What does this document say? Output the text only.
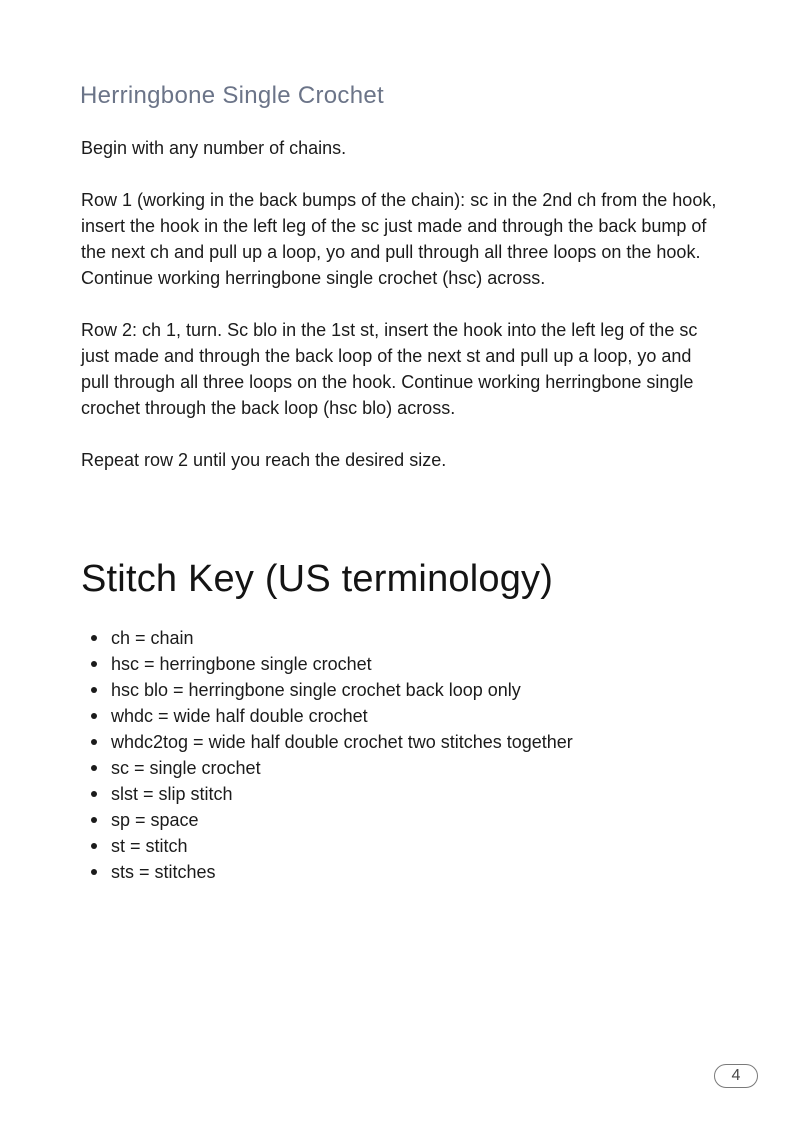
Herringbone Single Crochet

Begin with any number of chains.

Row 1 (working in the back bumps of the chain): sc in the 2nd ch from the hook, insert the hook in the left leg of the sc just made and through the back bump of the next ch and pull up a loop, yo and pull through all three loops on the hook. Continue working herringbone single crochet (hsc) across.

Row 2: ch 1, turn. Sc blo in the 1st st, insert the hook into the left leg of the sc just made and through the back loop of the next st and pull up a loop, yo and pull through all three loops on the hook. Continue working herringbone single crochet through the back loop (hsc blo) across.

Repeat row 2 until you reach the desired size.

Stitch Key (US terminology)
ch = chain
hsc = herringbone single crochet
hsc blo = herringbone single crochet back loop only
whdc = wide half double crochet
whdc2tog = wide half double crochet two stitches together
sc = single crochet
slst = slip stitch
sp = space
st = stitch
sts = stitches
4
